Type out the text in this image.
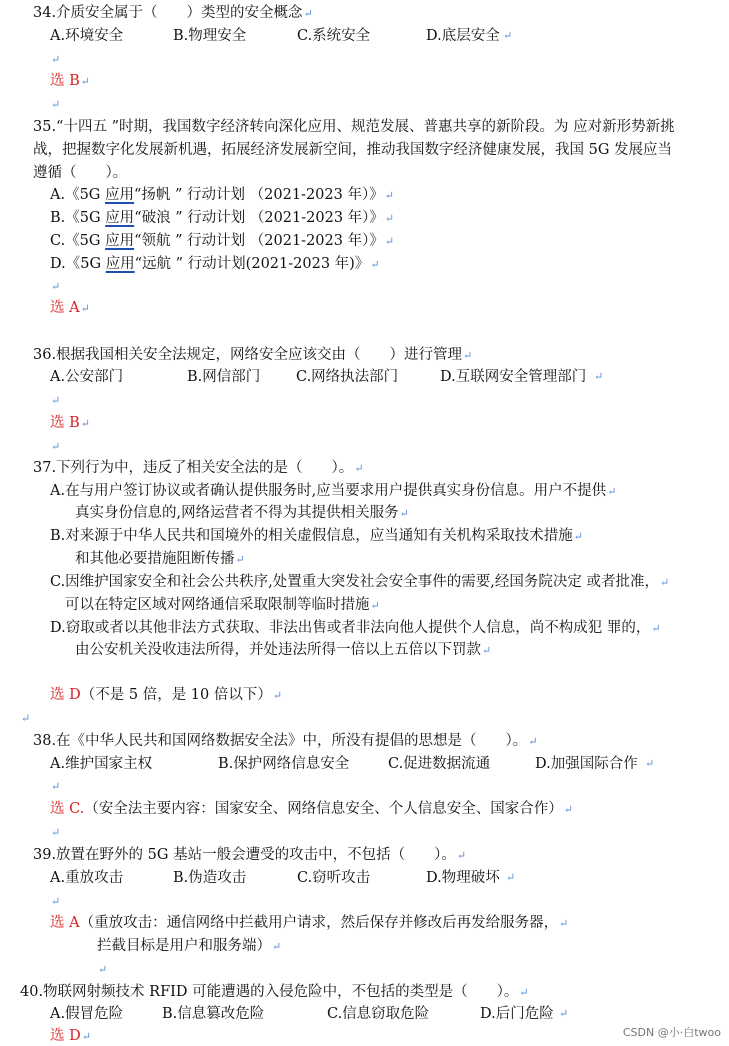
34.介质安全属于（　　）类型的安全概念↵
A.环境安全	B.物理安全	C.系统安全	D.底层安全 ↵
↵
选 B↵
↵
35.“十四五 ”时期，我国数字经济转向深化应用、规范发展、普惠共享的新阶段。为 应对新形势新挑
战，把握数字化发展新机遇，拓展经济发展新空间，推动我国数字经济健康发展，我国 5G 发展应当
遵循（　　）。
A.《5G 应用“扬帆 ” 行动计划 （2021-2023 年）》↵
B.《5G 应用“破浪 ” 行动计划 （2021-2023 年）》↵
C.《5G 应用“领航 ” 行动计划 （2021-2023 年）》↵
D.《5G 应用“远航 ” 行动计划(2021-2023 年)》↵
↵
选 A↵
36.根据我国相关安全法规定，网络安全应该交由（　　）进行管理↵
A.公安部门	B.网信部门 C.网络执法部门	D.互联网安全管理部门 ↵
↵
选 B↵
↵
37.下列行为中，违反了相关安全法的是（　　）。↵
A.在与用户签订协议或者确认提供服务时,应当要求用户提供真实身份信息。用户不提供↵
真实身份信息的,网络运营者不得为其提供相关服务↵
B.对来源于中华人民共和国境外的相关虚假信息，应当通知有关机构采取技术措施↵
和其他必要措施阻断传播↵
C.因维护国家安全和社会公共秩序,处置重大突发社会安全事件的需要,经国务院决定 或者批准，↵
可以在特定区域对网络通信采取限制等临时措施↵
D.窃取或者以其他非法方式获取、非法出售或者非法向他人提供个人信息，尚不构成犯 罪的，↵
由公安机关没收违法所得，并处违法所得一倍以上五倍以下罚款↵
选 D（不是 5 倍，是 10 倍以下）↵
↵
38.在《中华人民共和国网络数据安全法》中，所没有提倡的思想是（　　）。↵
A.维护国家主权	B.保护网络信息安全	C.促进数据流通	D.加强国际合作 ↵
↵
选 C.（安全法主要内容：国家安全、网络信息安全、个人信息安全、国家合作）↵
↵
39.放置在野外的 5G 基站一般会遭受的攻击中，不包括（　　）。↵
A.重放攻击	B.伪造攻击	C.窃听攻击	D.物理破坏 ↵
↵
选 A（重放攻击：通信网络中拦截用户请求，然后保存并修改后再发给服务器，↵
拦截目标是用户和服务端）↵
↵
40.物联网射频技术 RFID 可能遭遇的入侵危险中，不包括的类型是（　　）。↵
A.假冒危险	B.信息篡改危险	C.信息窃取危险	D.后门危险 ↵
选 D↵	CSDN @小·白twoo
